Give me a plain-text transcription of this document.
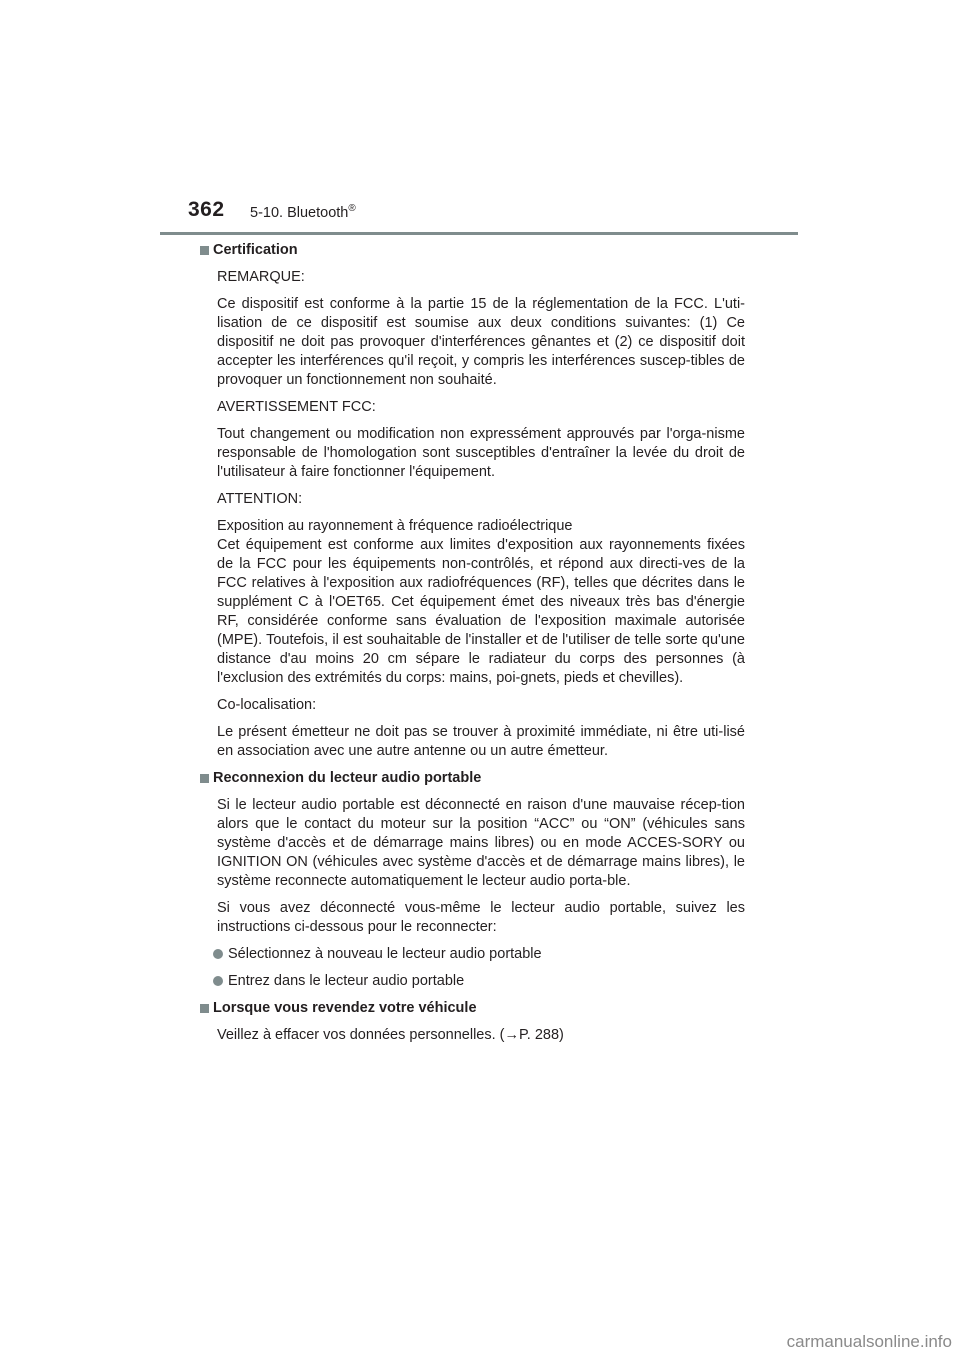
362 5-10. Bluetooth®
Certification
REMARQUE:
Ce dispositif est conforme à la partie 15 de la réglementation de la FCC. L'uti-lisation de ce dispositif est soumise aux deux conditions suivantes: (1) Ce dispositif ne doit pas provoquer d'interférences gênantes et (2) ce dispositif doit accepter les interférences qu'il reçoit, y compris les interférences suscep-tibles de provoquer un fonctionnement non souhaité.
AVERTISSEMENT FCC:
Tout changement ou modification non expressément approuvés par l'orga-nisme responsable de l'homologation sont susceptibles d'entraîner la levée du droit de l'utilisateur à faire fonctionner l'équipement.
ATTENTION:
Exposition au rayonnement à fréquence radioélectrique
Cet équipement est conforme aux limites d'exposition aux rayonnements fixées de la FCC pour les équipements non-contrôlés, et répond aux directi-ves de la FCC relatives à l'exposition aux radiofréquences (RF), telles que décrites dans le supplément C à l'OET65. Cet équipement émet des niveaux très bas d'énergie RF, considérée conforme sans évaluation de l'exposition maximale autorisée (MPE). Toutefois, il est souhaitable de l'installer et de l'utiliser de telle sorte qu'une distance d'au moins 20 cm sépare le radiateur du corps des personnes (à l'exclusion des extrémités du corps: mains, poi-gnets, pieds et chevilles).
Co-localisation:
Le présent émetteur ne doit pas se trouver à proximité immédiate, ni être uti-lisé en association avec une autre antenne ou un autre émetteur.
Reconnexion du lecteur audio portable
Si le lecteur audio portable est déconnecté en raison d'une mauvaise récep-tion alors que le contact du moteur sur la position “ACC” ou “ON” (véhicules sans système d'accès et de démarrage mains libres) ou en mode ACCES-SORY ou IGNITION ON (véhicules avec système d'accès et de démarrage mains libres), le système reconnecte automatiquement le lecteur audio porta-ble.
Si vous avez déconnecté vous-même le lecteur audio portable, suivez les instructions ci-dessous pour le reconnecter:
Sélectionnez à nouveau le lecteur audio portable
Entrez dans le lecteur audio portable
Lorsque vous revendez votre véhicule
Veillez à effacer vos données personnelles. (→P. 288)
carmanualsonline.info
